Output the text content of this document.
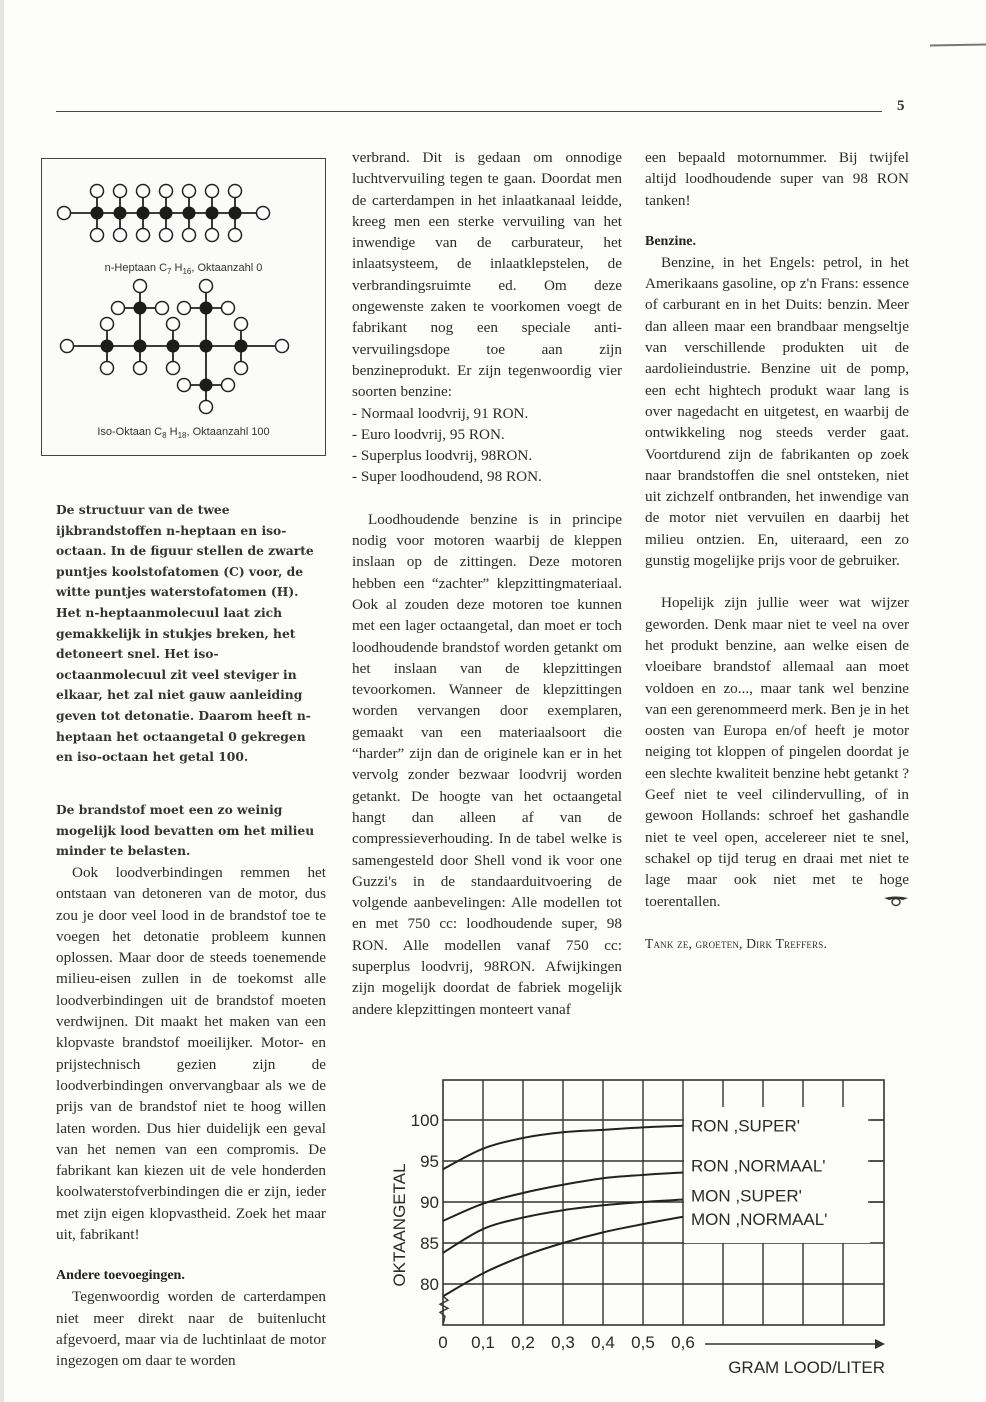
5
n-Heptaan $C_7$ $H_{16}$, Oktaanzahl 0
Iso-Oktaan $C_8$ $H_{18}$, Oktaanzahl 100
De structuur van de twee ijkbrandstoffen n-heptaan en iso-octaan. In de figuur stellen de zwarte puntjes koolstofatomen (C) voor, de witte puntjes waterstofatomen (H). Het n-heptaanmolecuul laat zich gemakkelijk in stukjes breken, het detoneert snel. Het iso-octaanmolecuul zit veel steviger in elkaar, het zal niet gauw aanleiding geven tot detonatie. Daarom heeft n-heptaan het octaangetal 0 gekregen en iso-octaan het getal 100.
De brandstof moet een zo weinig mogelijk lood bevatten om het milieu minder te belasten.

Ook loodverbindingen remmen het ontstaan van detoneren van de motor, dus zou je door veel lood in de brandstof toe te voegen het detonatie probleem kunnen oplossen. Maar door de steeds toenemende milieu-eisen zullen in de toekomst alle loodverbindingen uit de brandstof moeten verdwijnen. Dit maakt het maken van een klopvaste brandstof moeilijker. Motor- en prijstechnisch gezien zijn de loodverbindingen onvervangbaar als we de prijs van de brandstof niet te hoog willen laten worden. Dus hier duidelijk een geval van het nemen van een compromis. De fabrikant kan kiezen uit de vele honderden koolwaterstofverbindingen die er zijn, ieder met zijn eigen klopvastheid. Zoek het maar uit, fabrikant!

Andere toevoegingen.

Tegenwoordig worden de carterdampen niet meer direkt naar de buitenlucht afgevoerd, maar via de luchtinlaat de motor ingezogen om daar te worden

verbrand. Dit is gedaan om onnodige luchtvervuiling tegen te gaan. Doordat men de carterdampen in het inlaatkanaal leidde, kreeg men een sterke vervuiling van het inwendige van de carburateur, het inlaatsysteem, de inlaatklepstelen, de verbrandingsruimte ed. Om deze ongewenste zaken te voorkomen voegt de fabrikant nog een speciale anti-vervuilingsdope toe aan zijn benzineprodukt. Er zijn tegenwoordig vier soorten benzine:

- Normaal loodvrij, 91 RON.
- Euro loodvrij, 95 RON.
- Superplus loodvrij, 98RON.
- Super loodhoudend, 98 RON.

Loodhoudende benzine is in principe nodig voor motoren waarbij de kleppen inslaan op de zittingen. Deze motoren hebben een “zachter” klepzittingmateriaal. Ook al zouden deze motoren toe kunnen met een lager octaangetal, dan moet er toch loodhoudende brandstof worden getankt om het inslaan van de klepzittingen tevoorkomen. Wanneer de klepzittingen worden vervangen door exemplaren, gemaakt van een materiaalsoort die “harder” zijn dan de originele kan er in het vervolg zonder bezwaar loodvrij worden getankt. De hoogte van het octaangetal hangt dan alleen af van de compressieverhouding. In de tabel welke is samengesteld door Shell vond ik voor one Guzzi's in de standaarduitvoering de volgende aanbevelingen: Alle modellen tot en met 750 cc: loodhoudende super, 98 RON. Alle modellen vanaf 750 cc: superplus loodvrij, 98RON. Afwijkingen zijn mogelijk doordat de fabriek mogelijk andere klepzittingen monteert vanaf

een bepaald motornummer. Bij twijfel altijd loodhoudende super van 98 RON tanken!

Benzine.

Benzine, in het Engels: petrol, in het Amerikaans gasoline, op z'n Frans: essence of carburant en in het Duits: benzin. Meer dan alleen maar een brandbaar mengseltje van verschillende produkten uit de aardolieindustrie. Benzine uit de pomp, een echt hightech produkt waar lang is over nagedacht en uitgetest, en waarbij de ontwikkeling nog steeds verder gaat. Voortdurend zijn de fabrikanten op zoek naar brandstoffen die snel ontsteken, niet uit zichzelf ontbranden, het inwendige van de motor niet vervuilen en daarbij het milieu ontzien. En, uiteraard, een zo gunstig mogelijke prijs voor de gebruiker.

Hopelijk zijn jullie weer wat wijzer geworden. Denk maar niet te veel na over het produkt benzine, aan welke eisen de vloeibare brandstof allemaal aan moet voldoen en zo..., maar tank wel benzine van een gerenommeerd merk. Ben je in het oosten van Europa en/of heeft je motor neiging tot kloppen of pingelen doordat je een slechte kwaliteit benzine hebt getankt ? Geef niet te veel cilindervulling, of in gewoon Hollands: schroef het gashandle niet te veel open, accelereer niet te snel, schakel op tijd terug en draai met niet te lage maar ook niet met te hoge toerentallen.

Tank ze, groeten, Dirk Treffers.

100
95
90
85
80
0 0,1 0,2 0,3 0,4 0,5 0,6
RON ,SUPER'
RON ,NORMAAL'
MON ,SUPER'
MON ,NORMAAL'
OKTAANGETAL
GRAM LOOD/LITER
